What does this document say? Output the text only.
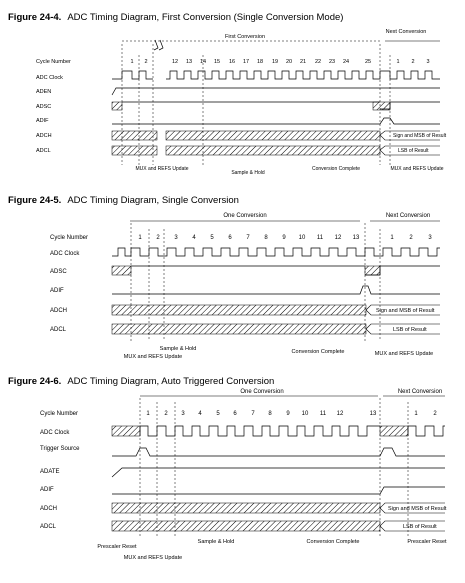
Figure 24-4. ADC Timing Diagram, First Conversion (Single Conversion Mode)
First Conversion
Next Conversion
Cycle Number
ADC Clock
ADEN
ADSC
ADIF
ADCH
ADCL
1 2	12 13 14 15 16 17 18 19 20 21 22 23 24	25	1 2 3
Sign and MSB of Result
LSB of Result
MUX and REFS Update
Sample & Hold
Conversion Complete	MUX and REFS Update
Figure 24-5. ADC Timing Diagram, Single Conversion
One Conversion	Next Conversion
Cycle Number
ADC Clock
ADSC
ADIF
ADCH
ADCL
1 2 3 4 5 6 7 8 9 10 11 12 13	1	2	3
Sign and MSB of Result
LSB of Result
Sample & Hold
MUX and REFS Update
Conversion Complete	MUX and REFS Update
Figure 24-6. ADC Timing Diagram, Auto Triggered Conversion
One Conversion	Next Conversion
Cycle Number
ADC Clock
Trigger Source
ADATE
ADIF
ADCH
ADCL
1 2 3 4 5 6 7 8 9 10 11 12	13	1	2
Sign and MSB of Result
LSB of Result
Prescaler Reset
MUX and REFS Update
Sample & Hold	Conversion Complete	Prescaler Reset
